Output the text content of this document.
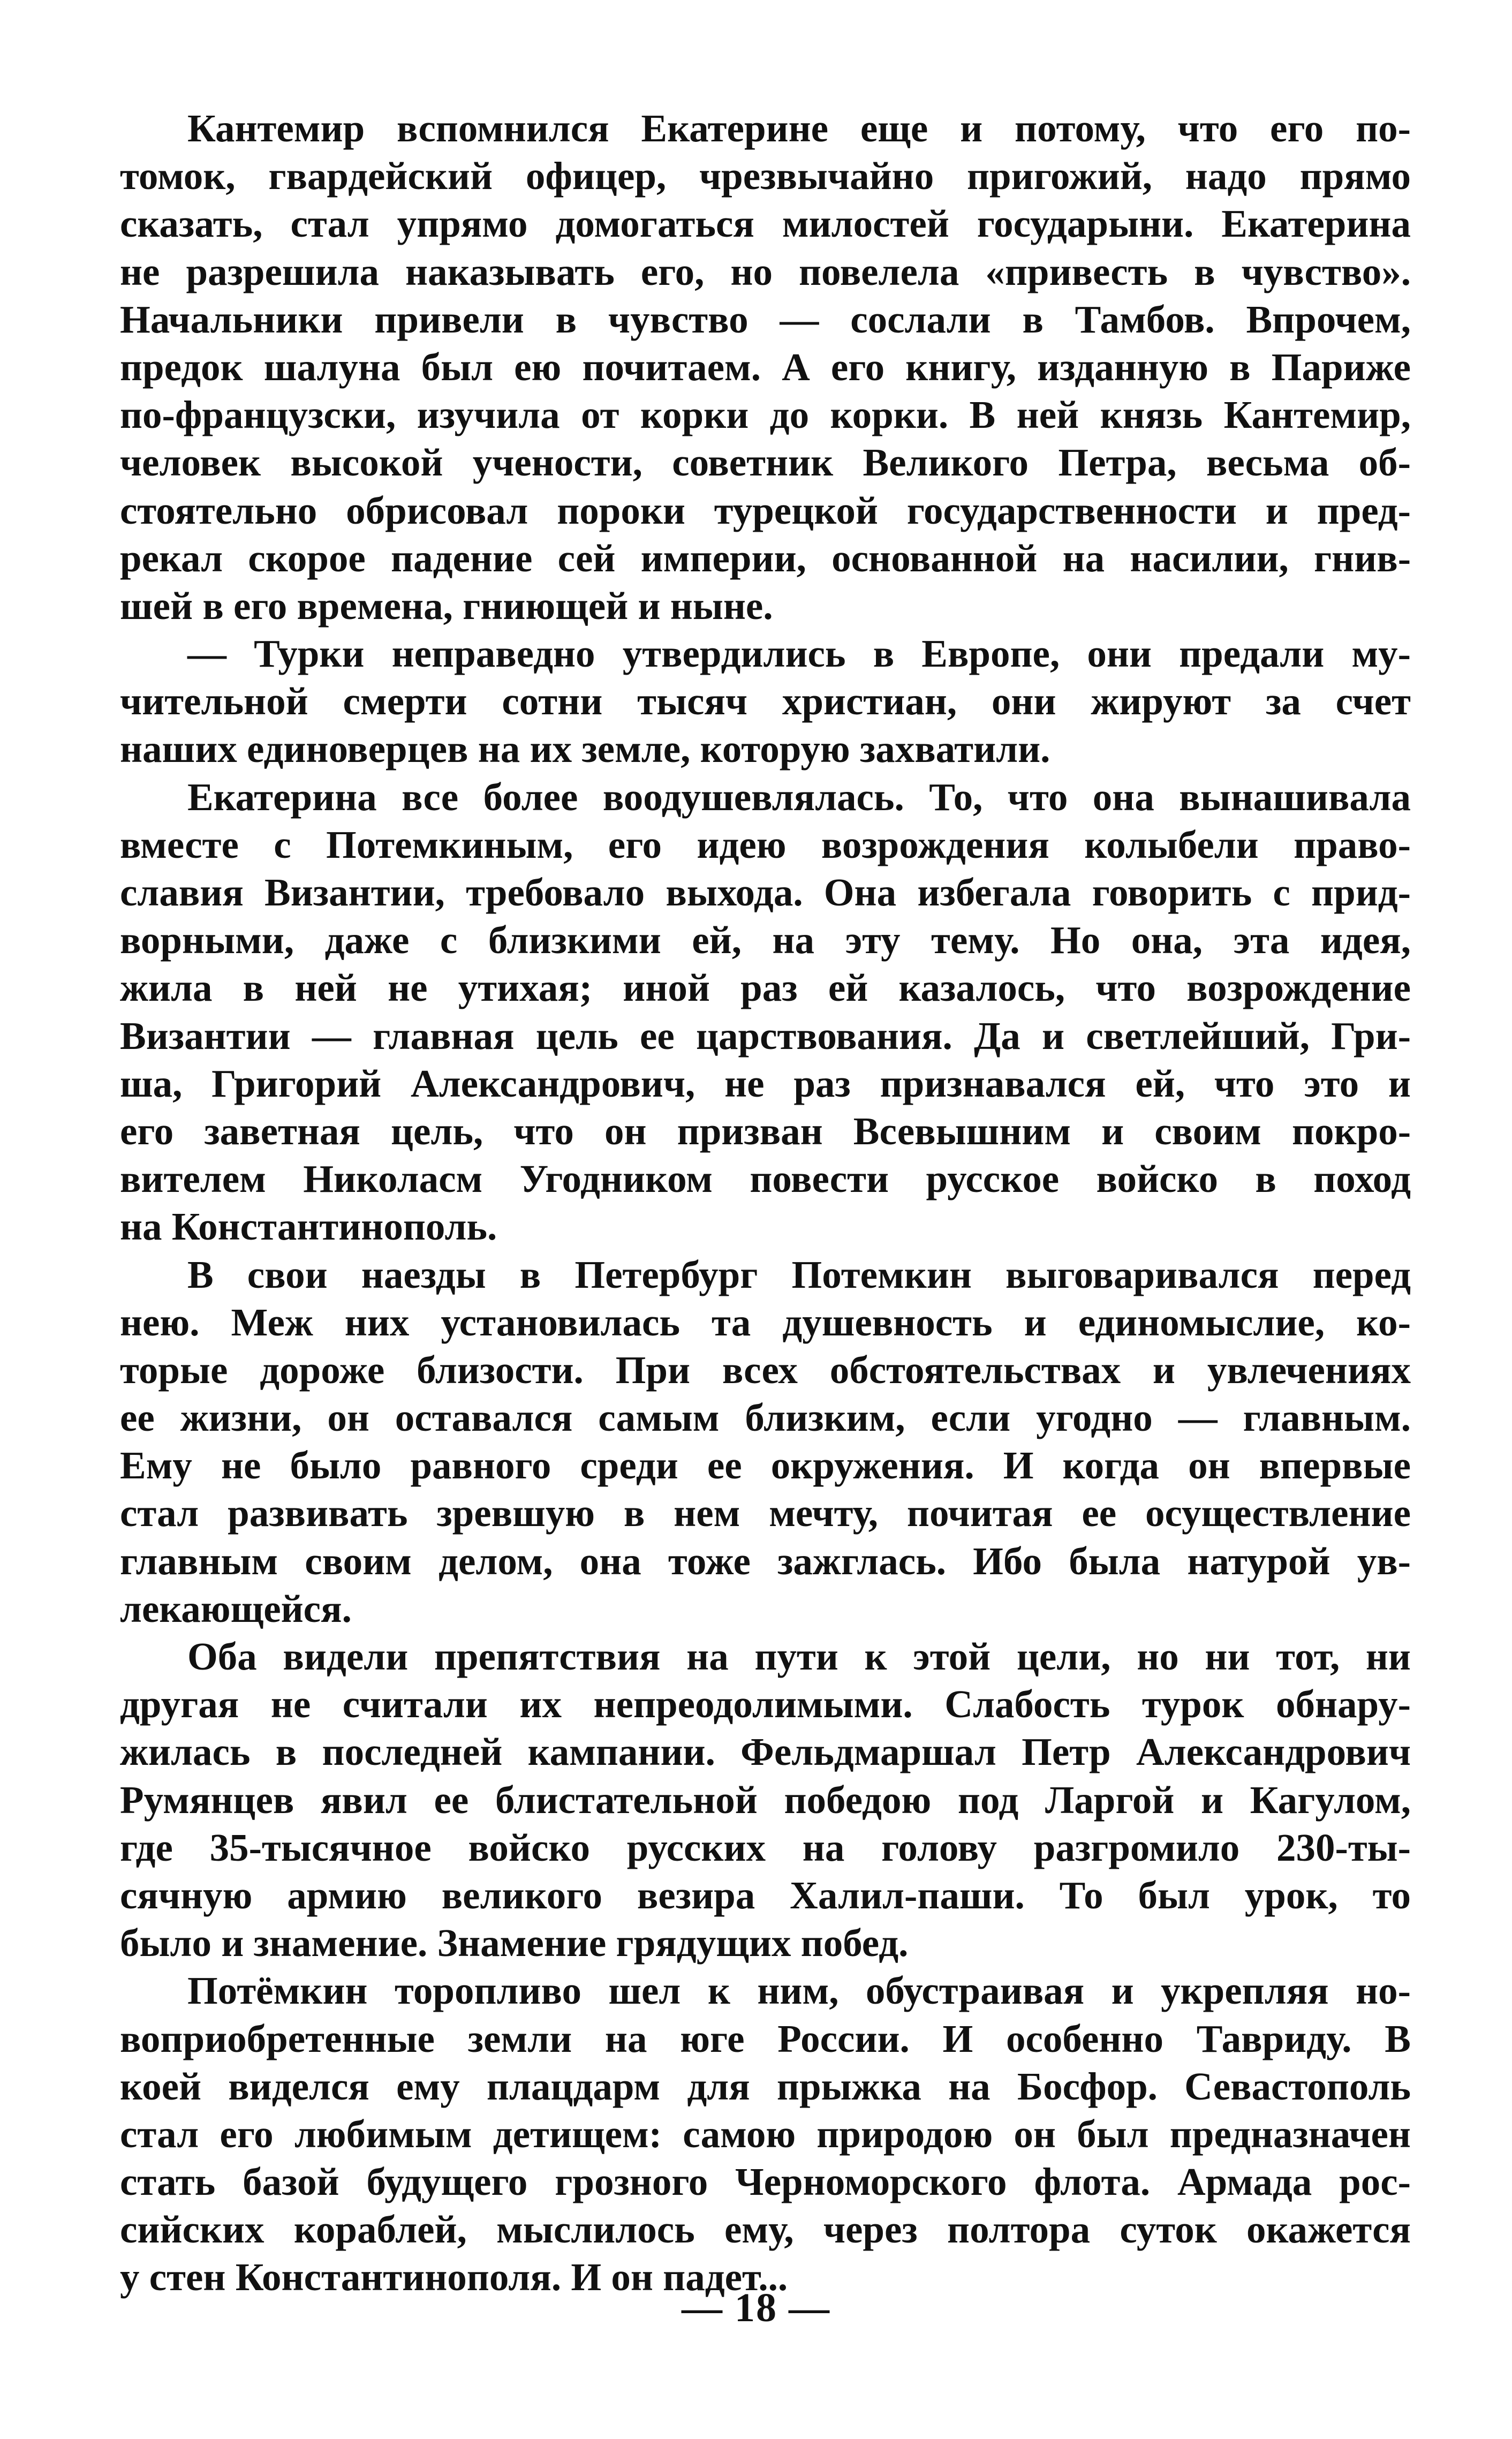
Кантемир вспомнился Екатерине еще и потому, что его по-
томок, гвардейский офицер, чрезвычайно пригожий, надо прямо
сказать, стал упрямо домогаться милостей государыни. Екатерина
не разрешила наказывать его, но повелела «привесть в чувство».
Начальники привели в чувство — сослали в Тамбов. Впрочем,
предок шалуна был ею почитаем. А его книгу, изданную в Париже
по-французски, изучила от корки до корки. В ней князь Кантемир,
человек высокой учености, советник Великого Петра, весьма об-
стоятельно обрисовал пороки турецкой государственности и пред-
рекал скорое падение сей империи, основанной на насилии, гнив-
шей в его времена, гниющей и ныне.
— Турки неправедно утвердились в Европе, они предали му-
чительной смерти сотни тысяч христиан, они жируют за счет
наших единоверцев на их земле, которую захватили.
Екатерина все более воодушевлялась. То, что она вынашивала
вместе с Потемкиным, его идею возрождения колыбели право-
славия Византии, требовало выхода. Она избегала говорить с прид-
ворными, даже с близкими ей, на эту тему. Но она, эта идея,
жила в ней не утихая; иной раз ей казалось, что возрождение
Византии — главная цель ее царствования. Да и светлейший, Гри-
ша, Григорий Александрович, не раз признавался ей, что это и
его заветная цель, что он призван Всевышним и своим покро-
вителем Николасм Угодником повести русское войско в поход
на Константинополь.
В свои наезды в Петербург Потемкин выговаривался перед
нею. Меж них установилась та душевность и единомыслие, ко-
торые дороже близости. При всех обстоятельствах и увлечениях
ее жизни, он оставался самым близким, если угодно — главным.
Ему не было равного среди ее окружения. И когда он впервые
стал развивать зревшую в нем мечту, почитая ее осуществление
главным своим делом, она тоже зажглась. Ибо была натурой ув-
лекающейся.
Оба видели препятствия на пути к этой цели, но ни тот, ни
другая не считали их непреодолимыми. Слабость турок обнару-
жилась в последней кампании. Фельдмаршал Петр Александрович
Румянцев явил ее блистательной победою под Ларгой и Кагулом,
где 35-тысячное войско русских на голову разгромило 230-ты-
сячную армию великого везира Халил-паши. То был урок, то
было и знамение. Знамение грядущих побед.
Потёмкин торопливо шел к ним, обустраивая и укрепляя но-
воприобретенные земли на юге России. И особенно Тавриду. В
коей виделся ему плацдарм для прыжка на Босфор. Севастополь
стал его любимым детищем: самою природою он был предназначен
стать базой будущего грозного Черноморского флота. Армада рос-
сийских кораблей, мыслилось ему, через полтора суток окажется
у стен Константинополя. И он падет...
— 18 —
